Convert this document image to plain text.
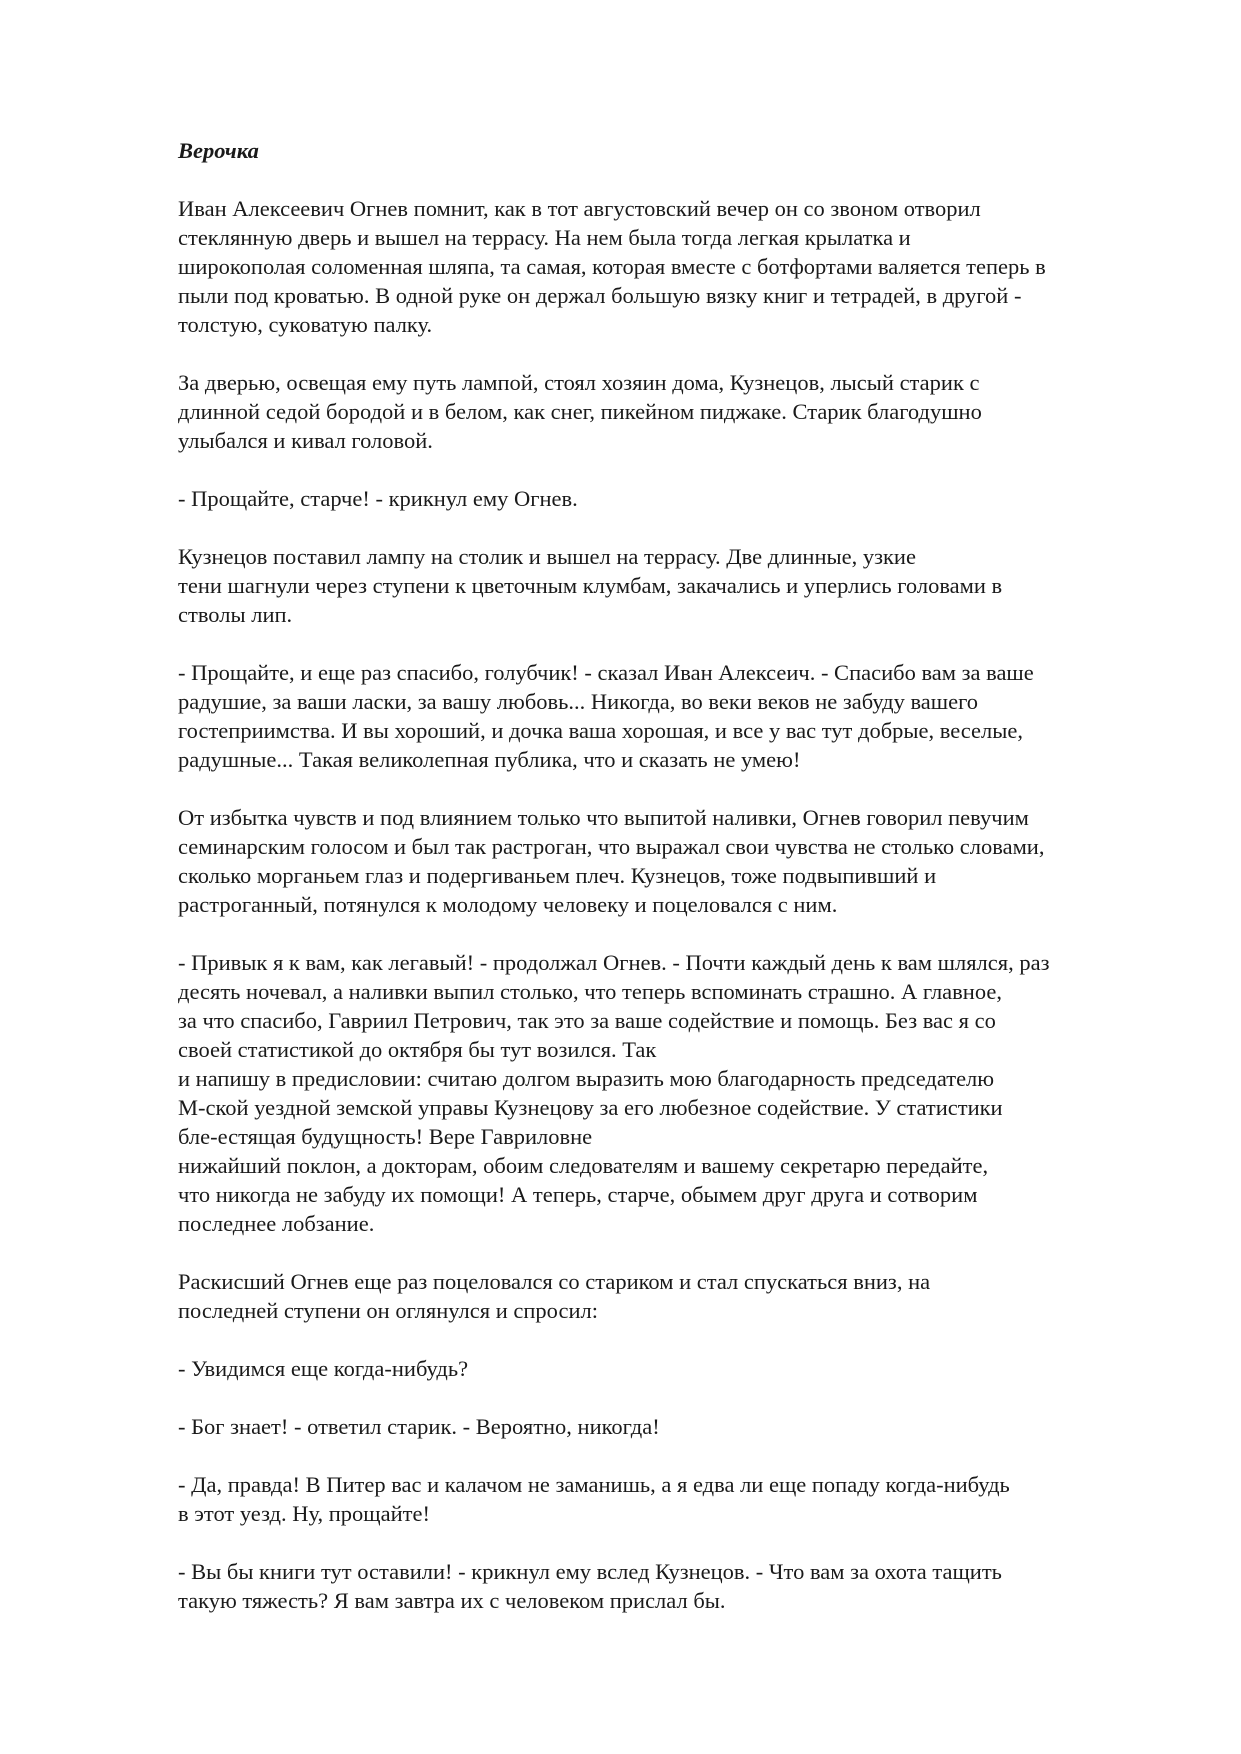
Верочка
Иван Алексеевич Огнев помнит, как в тот августовский вечер он со звоном отворил
стеклянную дверь и вышел на террасу. На нем была тогда легкая крылатка и
широкополая соломенная шляпа, та самая, которая вместе с ботфортами валяется теперь в
пыли под кроватью. В одной руке он держал большую вязку книг и тетрадей, в другой -
толстую, суковатую палку.
За дверью, освещая ему путь лампой, стоял хозяин дома, Кузнецов, лысый старик с
длинной седой бородой и в белом, как снег, пикейном пиджаке. Старик благодушно
улыбался и кивал головой.
- Прощайте, старче! - крикнул ему Огнев.
Кузнецов поставил лампу на столик и вышел на террасу. Две длинные, узкие
тени шагнули через ступени к цветочным клумбам, закачались и уперлись головами в
стволы лип.
- Прощайте, и еще раз спасибо, голубчик! - сказал Иван Алексеич. - Спасибо вам за ваше
радушие, за ваши ласки, за вашу любовь... Никогда, во веки веков не забуду вашего
гостеприимства. И вы хороший, и дочка ваша хорошая, и все у вас тут добрые, веселые,
радушные... Такая великолепная публика, что и сказать не умею!
От избытка чувств и под влиянием только что выпитой наливки, Огнев говорил певучим
семинарским голосом и был так растроган, что выражал свои чувства не столько словами,
сколько морганьем глаз и подергиваньем плеч. Кузнецов, тоже подвыпивший и
растроганный, потянулся к молодому человеку и поцеловался с ним.
- Привык я к вам, как легавый! - продолжал Огнев. - Почти каждый день к вам шлялся, раз
десять ночевал, а наливки выпил столько, что теперь вспоминать страшно. А главное,
за что спасибо, Гавриил Петрович, так это за ваше содействие и помощь. Без вас я со
своей статистикой до октября бы тут возился. Так
и напишу в предисловии: считаю долгом выразить мою благодарность председателю
М-ской уездной земской управы Кузнецову за его любезное содействие. У статистики
бле-естящая будущность! Вере Гавриловне
нижайший поклон, а докторам, обоим следователям и вашему секретарю передайте,
что никогда не забуду их помощи! А теперь, старче, обымем друг друга и сотворим
последнее лобзание.
Раскисший Огнев еще раз поцеловался со стариком и стал спускаться вниз, на
последней ступени он оглянулся и спросил:
- Увидимся еще когда-нибудь?
- Бог знает! - ответил старик. - Вероятно, никогда!
- Да, правда! В Питер вас и калачом не заманишь, а я едва ли еще попаду когда-нибудь
в этот уезд. Ну, прощайте!
- Вы бы книги тут оставили! - крикнул ему вслед Кузнецов. - Что вам за охота тащить
такую тяжесть? Я вам завтра их с человеком прислал бы.
